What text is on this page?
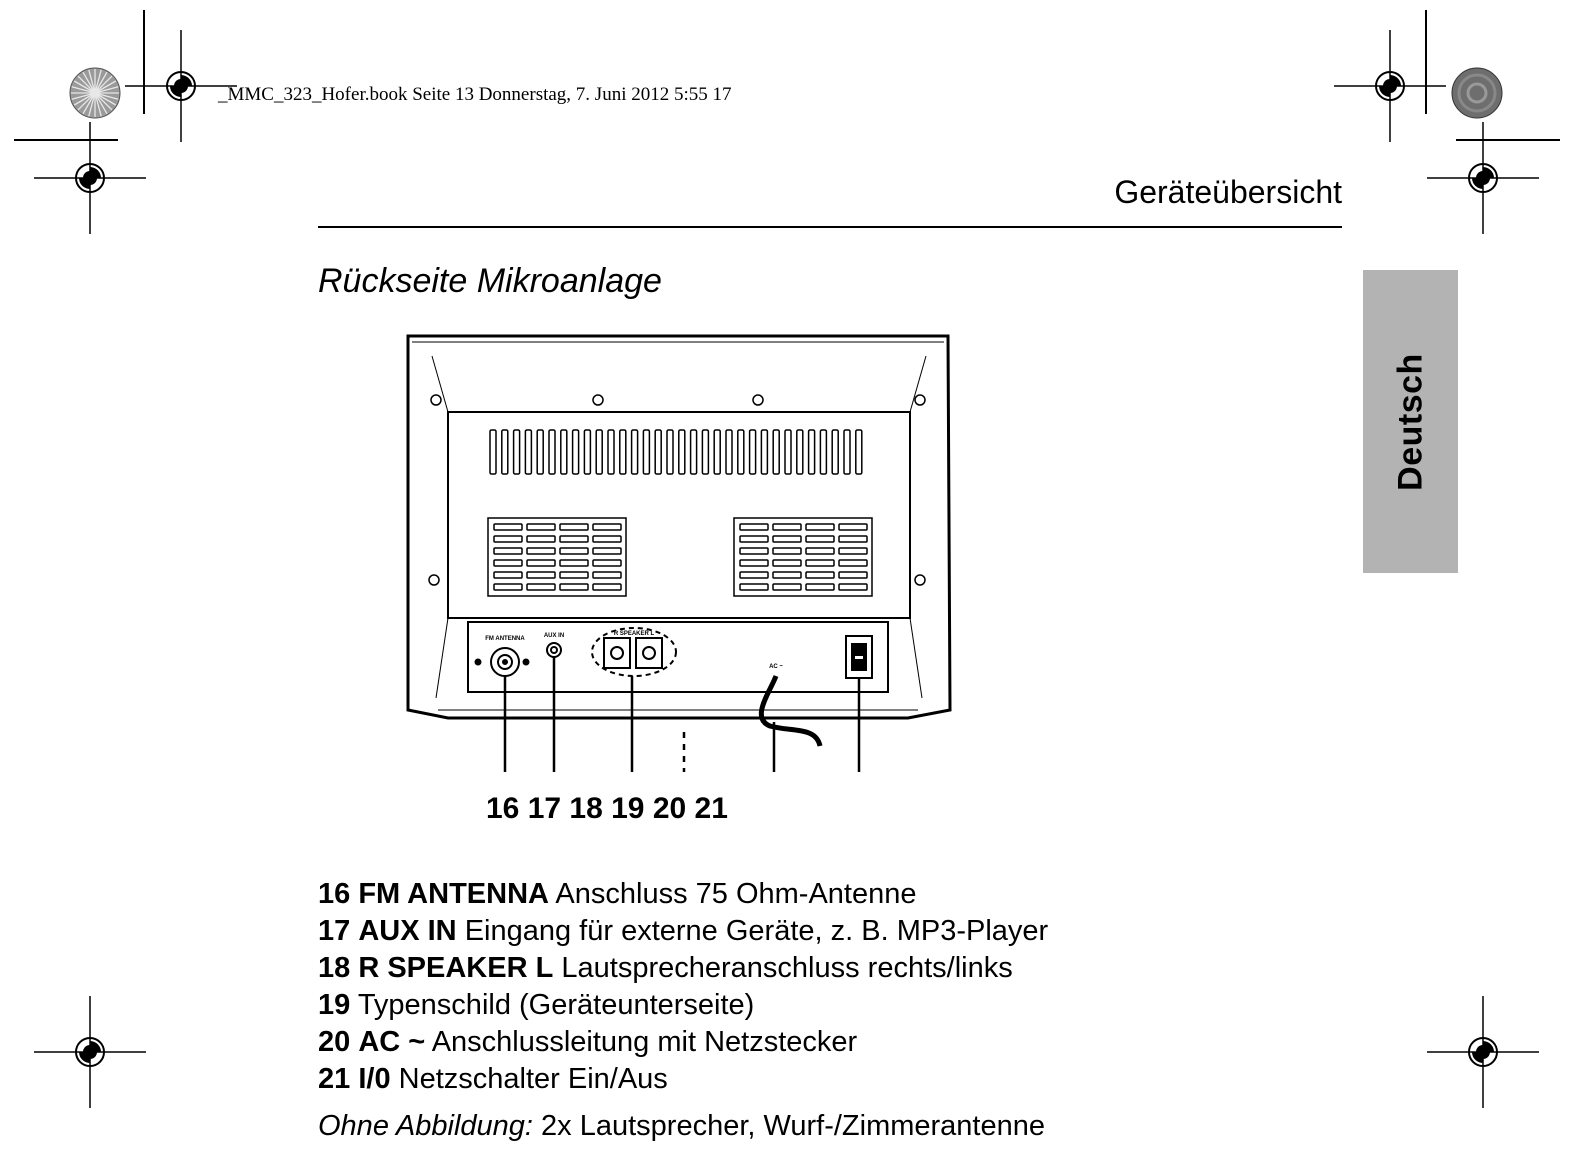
_MMC_323_Hofer.book Seite 13 Donnerstag, 7. Juni 2012 5:55 17
Geräteübersicht
Rückseite Mikroanlage
Deutsch
FM ANTENNA	AUX IN	R SPEAKER L
AC ~
16 17 18 19 20 21
16 FM ANTENNA Anschluss 75 Ohm-Antenne
17 AUX IN Eingang für externe Geräte, z. B. MP3-Player
18 R SPEAKER L Lautsprecheranschluss rechts/links
19 Typenschild (Geräteunterseite)
20 AC ~ Anschlussleitung mit Netzstecker
21 I/0 Netzschalter Ein/Aus
Ohne Abbildung: 2x Lautsprecher, Wurf-/Zimmerantenne
